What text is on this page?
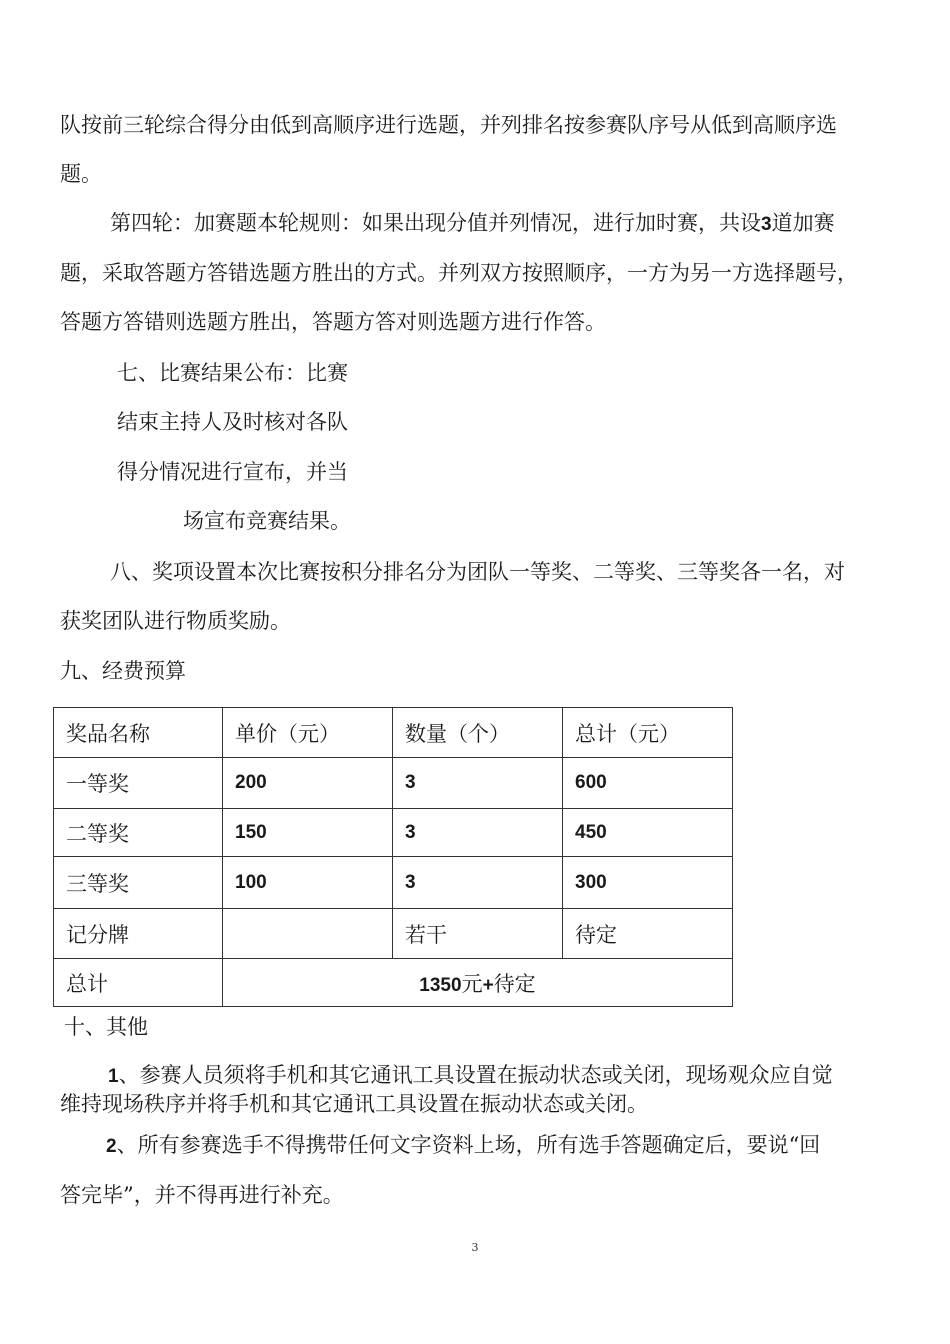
队按前三轮综合得分由低到高顺序进行选题，并列排名按参赛队序号从低到高顺序选
题。
第四轮：加赛题本轮规则：如果出现分值并列情况，进行加时赛，共设3道加赛
题，采取答题方答错选题方胜出的方式。并列双方按照顺序，一方为另一方选择题号，
答题方答错则选题方胜出，答题方答对则选题方进行作答。
七、比赛结果公布：比赛
结束主持人及时核对各队
得分情况进行宣布，并当
场宣布竞赛结果。
八、奖项设置本次比赛按积分排名分为团队一等奖、二等奖、三等奖各一名，对
获奖团队进行物质奖励。
九、经费预算
奖品名称	单价（元）	数量（个）	总计（元）
一等奖	200	3	600
二等奖	150	3	450
三等奖	100	3	300
记分牌		若干	待定
总计	1350元+待定		
十、其他
1、参赛人员须将手机和其它通讯工具设置在振动状态或关闭，现场观众应自觉
维持现场秩序并将手机和其它通讯工具设置在振动状态或关闭。
2、所有参赛选手不得携带任何文字资料上场，所有选手答题确定后，要说“回
答完毕”，并不得再进行补充。
3
